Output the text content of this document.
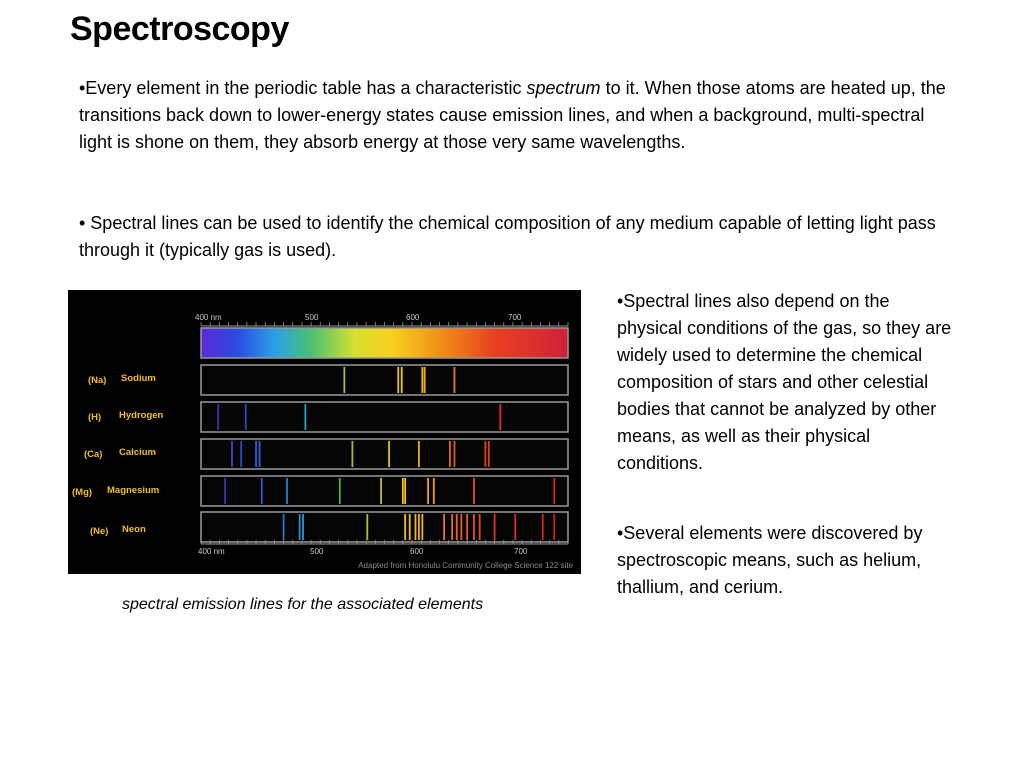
Spectroscopy
•Every element in the periodic table has a characteristic spectrum to it. When those atoms are heated up, the transitions back down to lower-energy states cause emission lines, and when a background, multi-spectral light is shone on them, they absorb energy at those very same wavelengths.
• Spectral lines can be used to identify the chemical composition of any medium capable of letting light pass through it (typically gas is used).
400 nm	500	600	700
(Na) Sodium
(H) Hydrogen
(Ca) Calcium
(Mg) Magnesium
(Ne) Neon
400 nm	500	600	700
Adapted from Honolulu Community College Science 122 site
spectral emission lines for the associated elements
•Spectral lines also depend on the physical conditions of the gas, so they are widely used to determine the chemical composition of stars and other celestial bodies that cannot be analyzed by other means, as well as their physical conditions.
•Several elements were discovered by spectroscopic means, such as helium, thallium, and cerium.
